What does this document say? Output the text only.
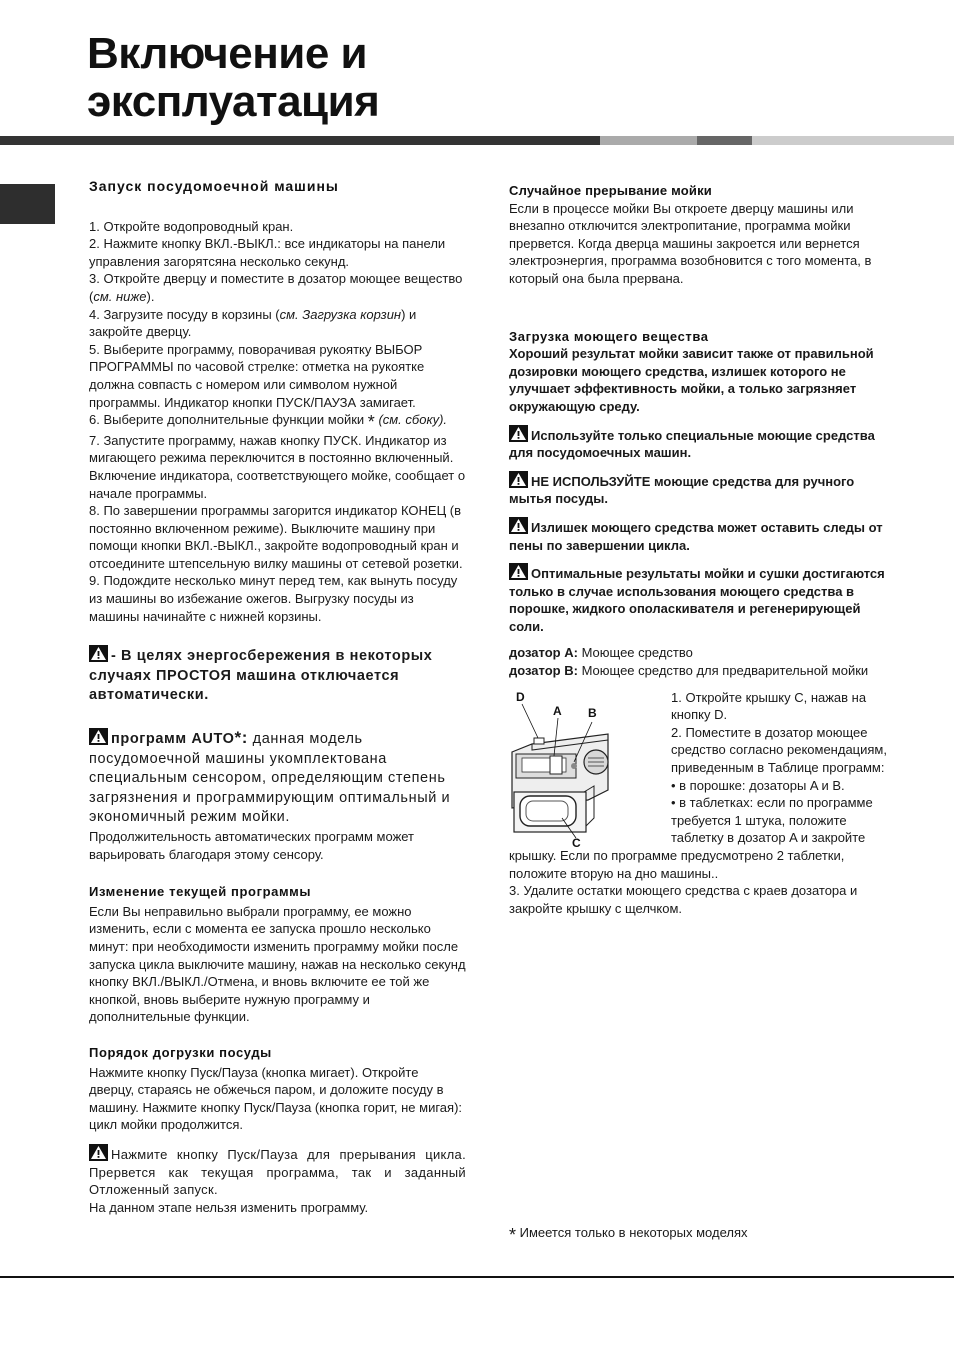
Включение и
эксплуатация
Запуск посудомоечной машины

1. Откройте водопроводный кран.

2. Нажмите кнопку ВКЛ.-ВЫКЛ.: все индикаторы на панели управления загорятсяна несколько секунд.

3. Откройте дверцу и поместите в дозатор моющее вещество (см. ниже).

4. Загрузите посуду в корзины (см. Загрузка корзин) и закройте дверцу.

5. Выберите программу, поворачивая рукоятку ВЫБОР ПРОГРАММЫ по часовой стрелке: отметка на рукоятке должна совпасть с номером или символом нужной программы. Индикатор кнопки ПУСК/ПАУЗА замигает.

6. Выберите дополнительные функции мойки * (см. сбоку).

7. Запустите программу, нажав кнопку ПУСК. Индикатор из мигающего режима переключится в постоянно включенный. Включение индикатора, соответствующего мойке, сообщает о начале программы.

8. По завершении программы загорится индикатор КОНЕЦ (в постоянно включенном режиме). Выключите машину при помощи кнопки ВКЛ.-ВЫКЛ., закройте водопроводный кран и отсоедините штепсельную вилку машины от сетевой розетки.

9. Подождите несколько минут перед тем, как вынуть посуду из машины во избежание ожегов. Выгрузку посуды из машины начинайте с нижней корзины.

- В целях энергосбережения в некоторых случаях ПРОСТОЯ машина отключается автоматически.

программ AUTO*: данная модель посудомоечной машины укомплектована специальным сенсором, определяющим степень загрязнения и программирующим оптимальный и экономичный режим мойки.

Продолжительность автоматических программ может варьировать благодаря этому сенсору.

Изменение текущей программы

Если Вы неправильно выбрали программу, ее можно изменить, если с момента ее запуска прошло несколько минут: при необходимости изменить программу мойки после запуска цикла выключите машину, нажав на несколько секунд кнопку ВКЛ./ВЫКЛ./Отмена, и вновь включите ее той же кнопкой, вновь выберите нужную программу и дополнительные функции.

Порядок догрузки посуды

Нажмите кнопку Пуск/Пауза (кнопка мигает). Откройте дверцу, стараясь не обжечься паром, и доложите посуду в машину. Нажмите кнопку Пуск/Пауза (кнопка горит, не мигая): цикл мойки продолжится.

Нажмите кнопку Пуск/Пауза для прерывания цикла. Прервется как текущая программа, так и заданный Отложенный запуск.

На данном этапе нельзя изменить программу.

Случайное прерывание мойки

Если в процессе мойки Вы откроете дверцу машины или внезапно отключится электропитание, программа мойки прервется. Когда дверца машины закроется или вернется электроэнергия, программа возобновится с того момента, в который она была прервана.

Загрузка моющего вещества

Хороший результат мойки зависит также от правильной дозировки моющего средства, излишек которого не улучшает эффективность мойки, а только загрязняет окружающую среду.

Используйте только специальные моющие средства для посудомоечных машин.

НЕ ИСПОЛЬЗУЙТЕ моющие средства для ручного мытья посуды.

Излишек моющего средства может оставить следы от пены по завершении цикла.

Оптимальные результаты мойки и сушки достигаются только в случае использования моющего средства в порошке, жидкого ополаскивателя и регенерирующей соли.

дозатор A: Моющее средство

дозатор B: Моющее средство для предварительной мойки

1. Откройте крышку C, нажав на кнопку D.

2. Поместите в дозатор моющее средство согласно рекомендациям, приведенным в Таблице программ:

• в порошке: дозаторы A и B.

• в таблетках: если по программе требуется 1 штука, положите таблетку в дозатор A и закройте

крышку. Если по программе предусмотрено 2 таблетки, положите вторую на дно машины..

3. Удалите остатки моющего средства с краев дозатора и закройте крышку с щелчком.

D
A B
C

* Имеется только в некоторых моделях
